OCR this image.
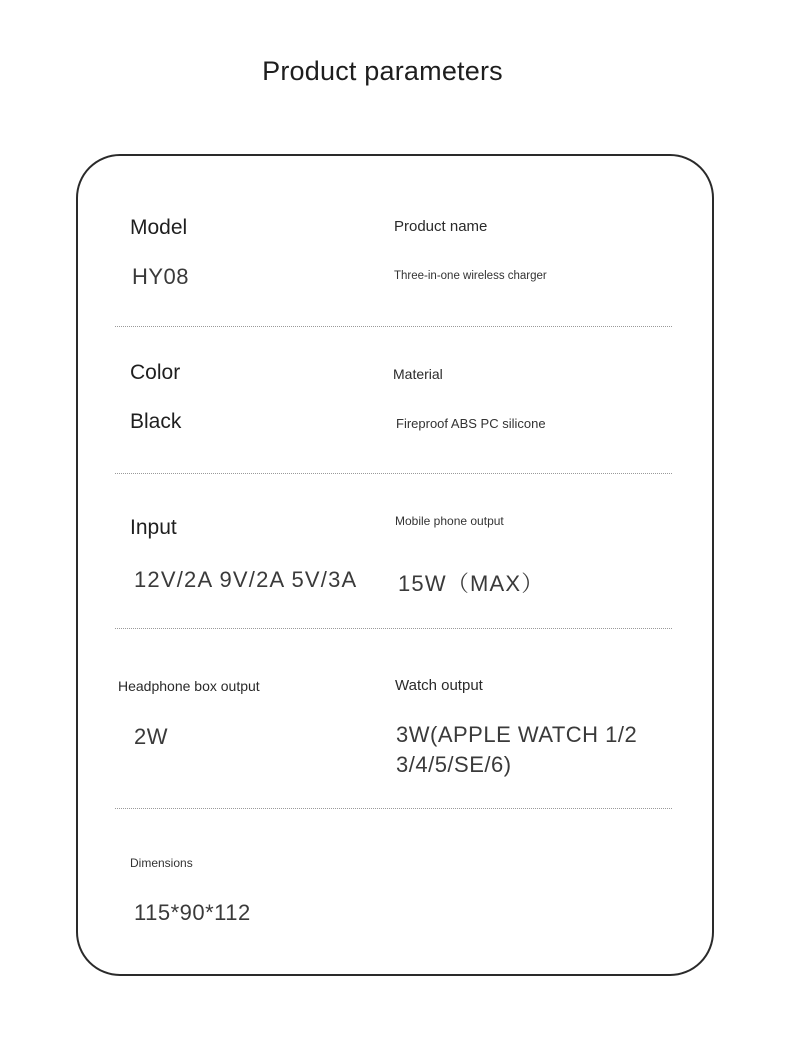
Product parameters
Model
HY08
Product name
Three-in-one wireless charger
Color
Black
Material
Fireproof ABS PC silicone
Input
12V/2A 9V/2A 5V/3A
Mobile phone output
15W（MAX）
Headphone box output
2W
Watch output
3W(APPLE WATCH 1/2 3/4/5/SE/6)
Dimensions
115*90*112
